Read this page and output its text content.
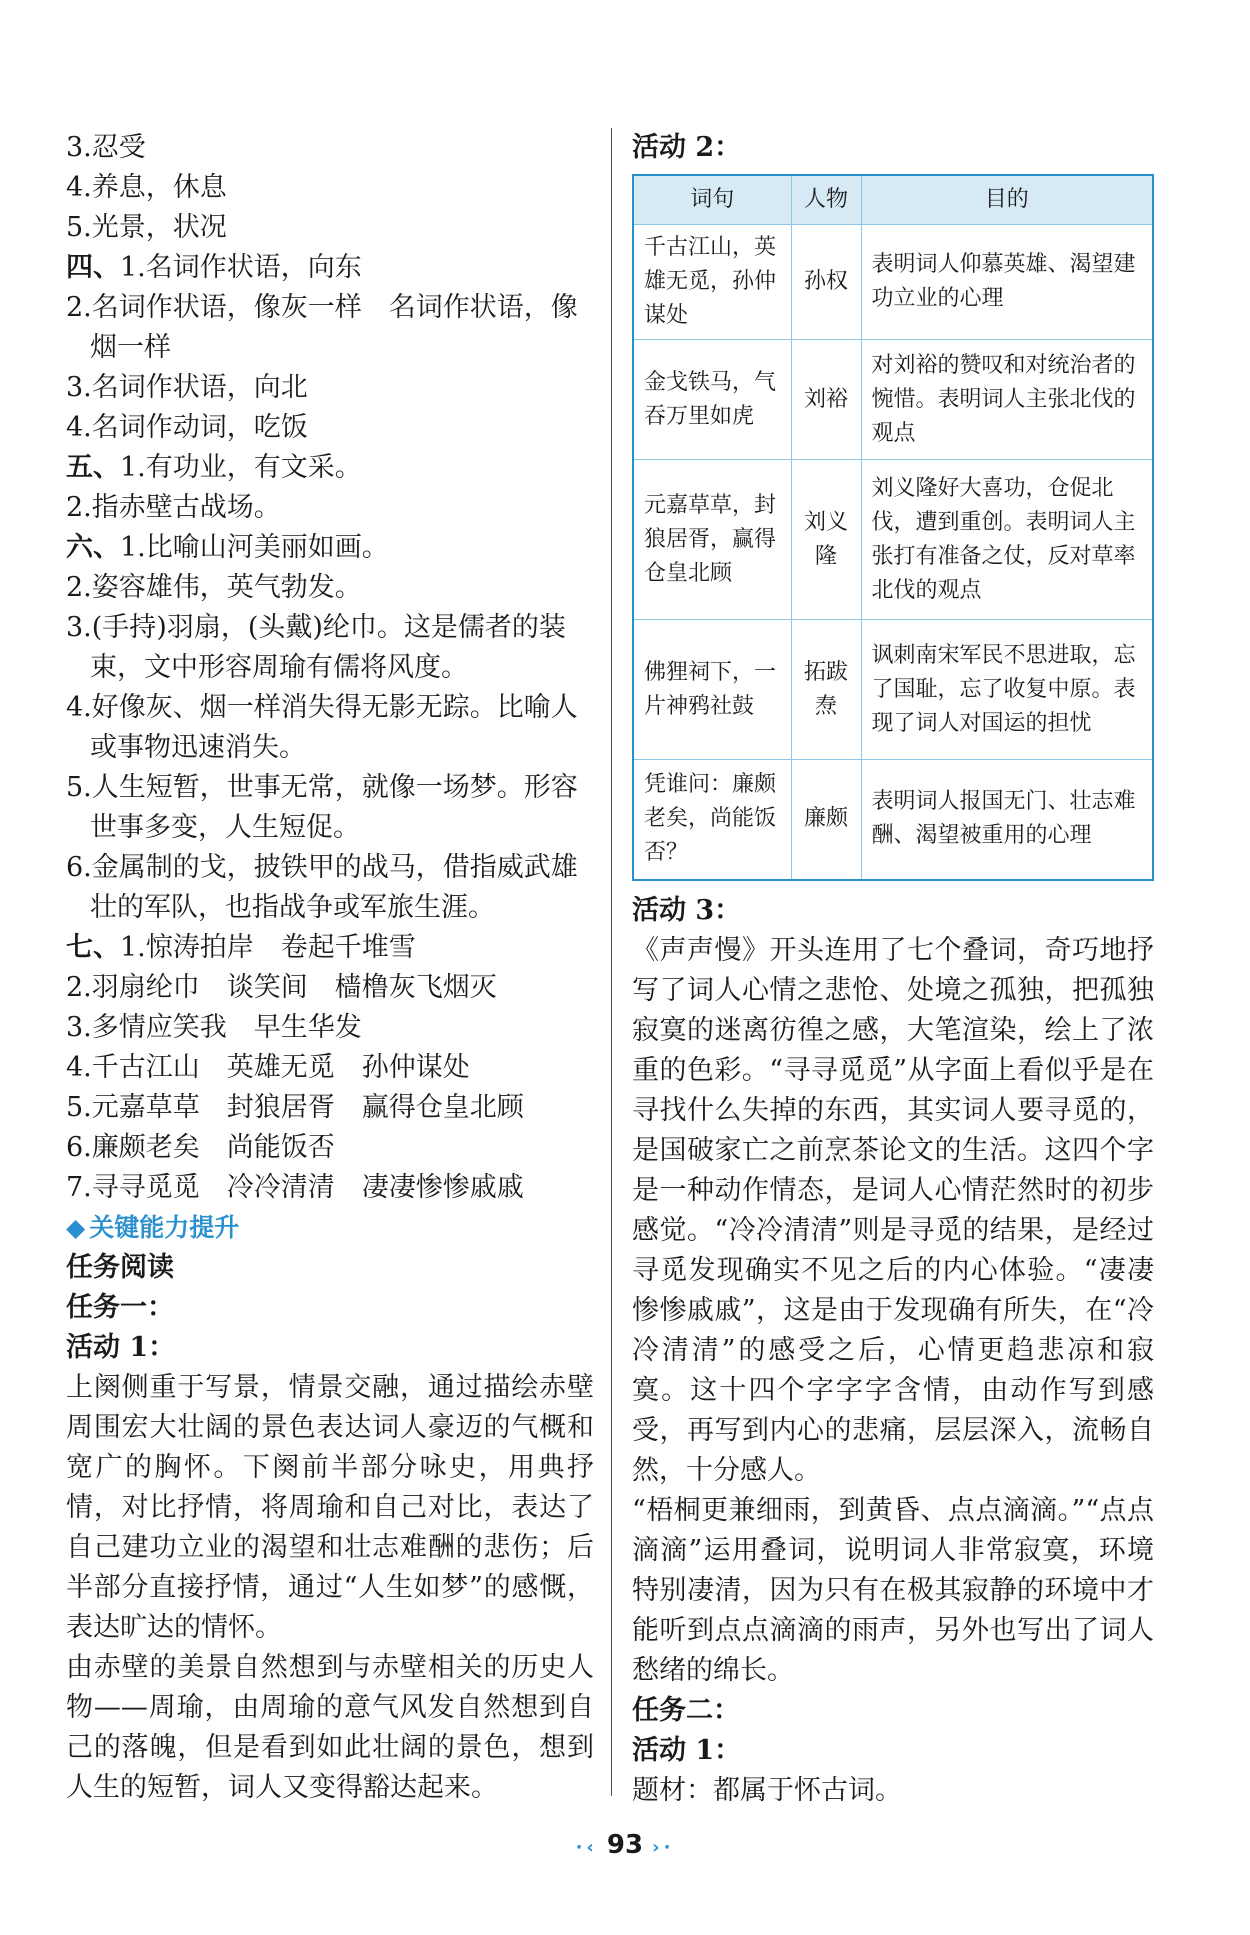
3.忍受
4.养息，休息
5.光景，状况
四、1.名词作状语，向东
2.名词作状语，像灰一样　名词作状语，像
烟一样
3.名词作状语，向北
4.名词作动词，吃饭
五、1.有功业，有文采。
2.指赤壁古战场。
六、1.比喻山河美丽如画。
2.姿容雄伟，英气勃发。
3.(手持)羽扇，(头戴)纶巾。这是儒者的装
束，文中形容周瑜有儒将风度。
4.好像灰、烟一样消失得无影无踪。比喻人
或事物迅速消失。
5.人生短暂，世事无常，就像一场梦。形容
世事多变，人生短促。
6.金属制的戈，披铁甲的战马，借指威武雄
壮的军队，也指战争或军旅生涯。
七、1.惊涛拍岸　卷起千堆雪
2.羽扇纶巾　谈笑间　樯橹灰飞烟灭
3.多情应笑我　早生华发
4.千古江山　英雄无觅　孙仲谋处
5.元嘉草草　封狼居胥　赢得仓皇北顾
6.廉颇老矣　尚能饭否
7.寻寻觅觅　冷冷清清　凄凄惨惨戚戚
◆ 关键能力提升
任务阅读
任务一：
活动 1：
上阕侧重于写景，情景交融，通过描绘赤壁周围宏大壮阔的景色表达词人豪迈的气概和宽广的胸怀。下阕前半部分咏史，用典抒情，对比抒情，将周瑜和自己对比，表达了自己建功立业的渴望和壮志难酬的悲伤；后半部分直接抒情，通过“人生如梦”的感慨，表达旷达的情怀。
由赤壁的美景自然想到与赤壁相关的历史人物——周瑜，由周瑜的意气风发自然想到自己的落魄，但是看到如此壮阔的景色，想到人生的短暂，词人又变得豁达起来。
活动 2：
词句	人物	目的
千古江山，英雄无觅，孙仲谋处	孙权	表明词人仰慕英雄、渴望建功立业的心理
金戈铁马，气吞万里如虎	刘裕	对刘裕的赞叹和对统治者的惋惜。表明词人主张北伐的观点
元嘉草草，封狼居胥，赢得仓皇北顾	刘义隆	刘义隆好大喜功，仓促北伐，遭到重创。表明词人主张打有准备之仗，反对草率北伐的观点
佛狸祠下，一片神鸦社鼓	拓跋焘	讽刺南宋军民不思进取，忘了国耻，忘了收复中原。表现了词人对国运的担忧
凭谁问：廉颇老矣，尚能饭否？	廉颇	表明词人报国无门、壮志难酬、渴望被重用的心理
活动 3：
《声声慢》开头连用了七个叠词，奇巧地抒写了词人心情之悲怆、处境之孤独，把孤独寂寞的迷离彷徨之感，大笔渲染，绘上了浓重的色彩。“寻寻觅觅”从字面上看似乎是在寻找什么失掉的东西，其实词人要寻觅的，是国破家亡之前烹茶论文的生活。这四个字是一种动作情态，是词人心情茫然时的初步感觉。“冷冷清清”则是寻觅的结果，是经过寻觅发现确实不见之后的内心体验。“凄凄惨惨戚戚”，这是由于发现确有所失，在“冷冷清清”的感受之后，心情更趋悲凉和寂寞。这十四个字字字含情，由动作写到感受，再写到内心的悲痛，层层深入，流畅自然，十分感人。
“梧桐更兼细雨，到黄昏、点点滴滴。”“点点滴滴”运用叠词，说明词人非常寂寞，环境特别凄清，因为只有在极其寂静的环境中才能听到点点滴滴的雨声，另外也写出了词人愁绪的绵长。
任务二：
活动 1：
题材：都属于怀古词。
·‹ 93 ›·
